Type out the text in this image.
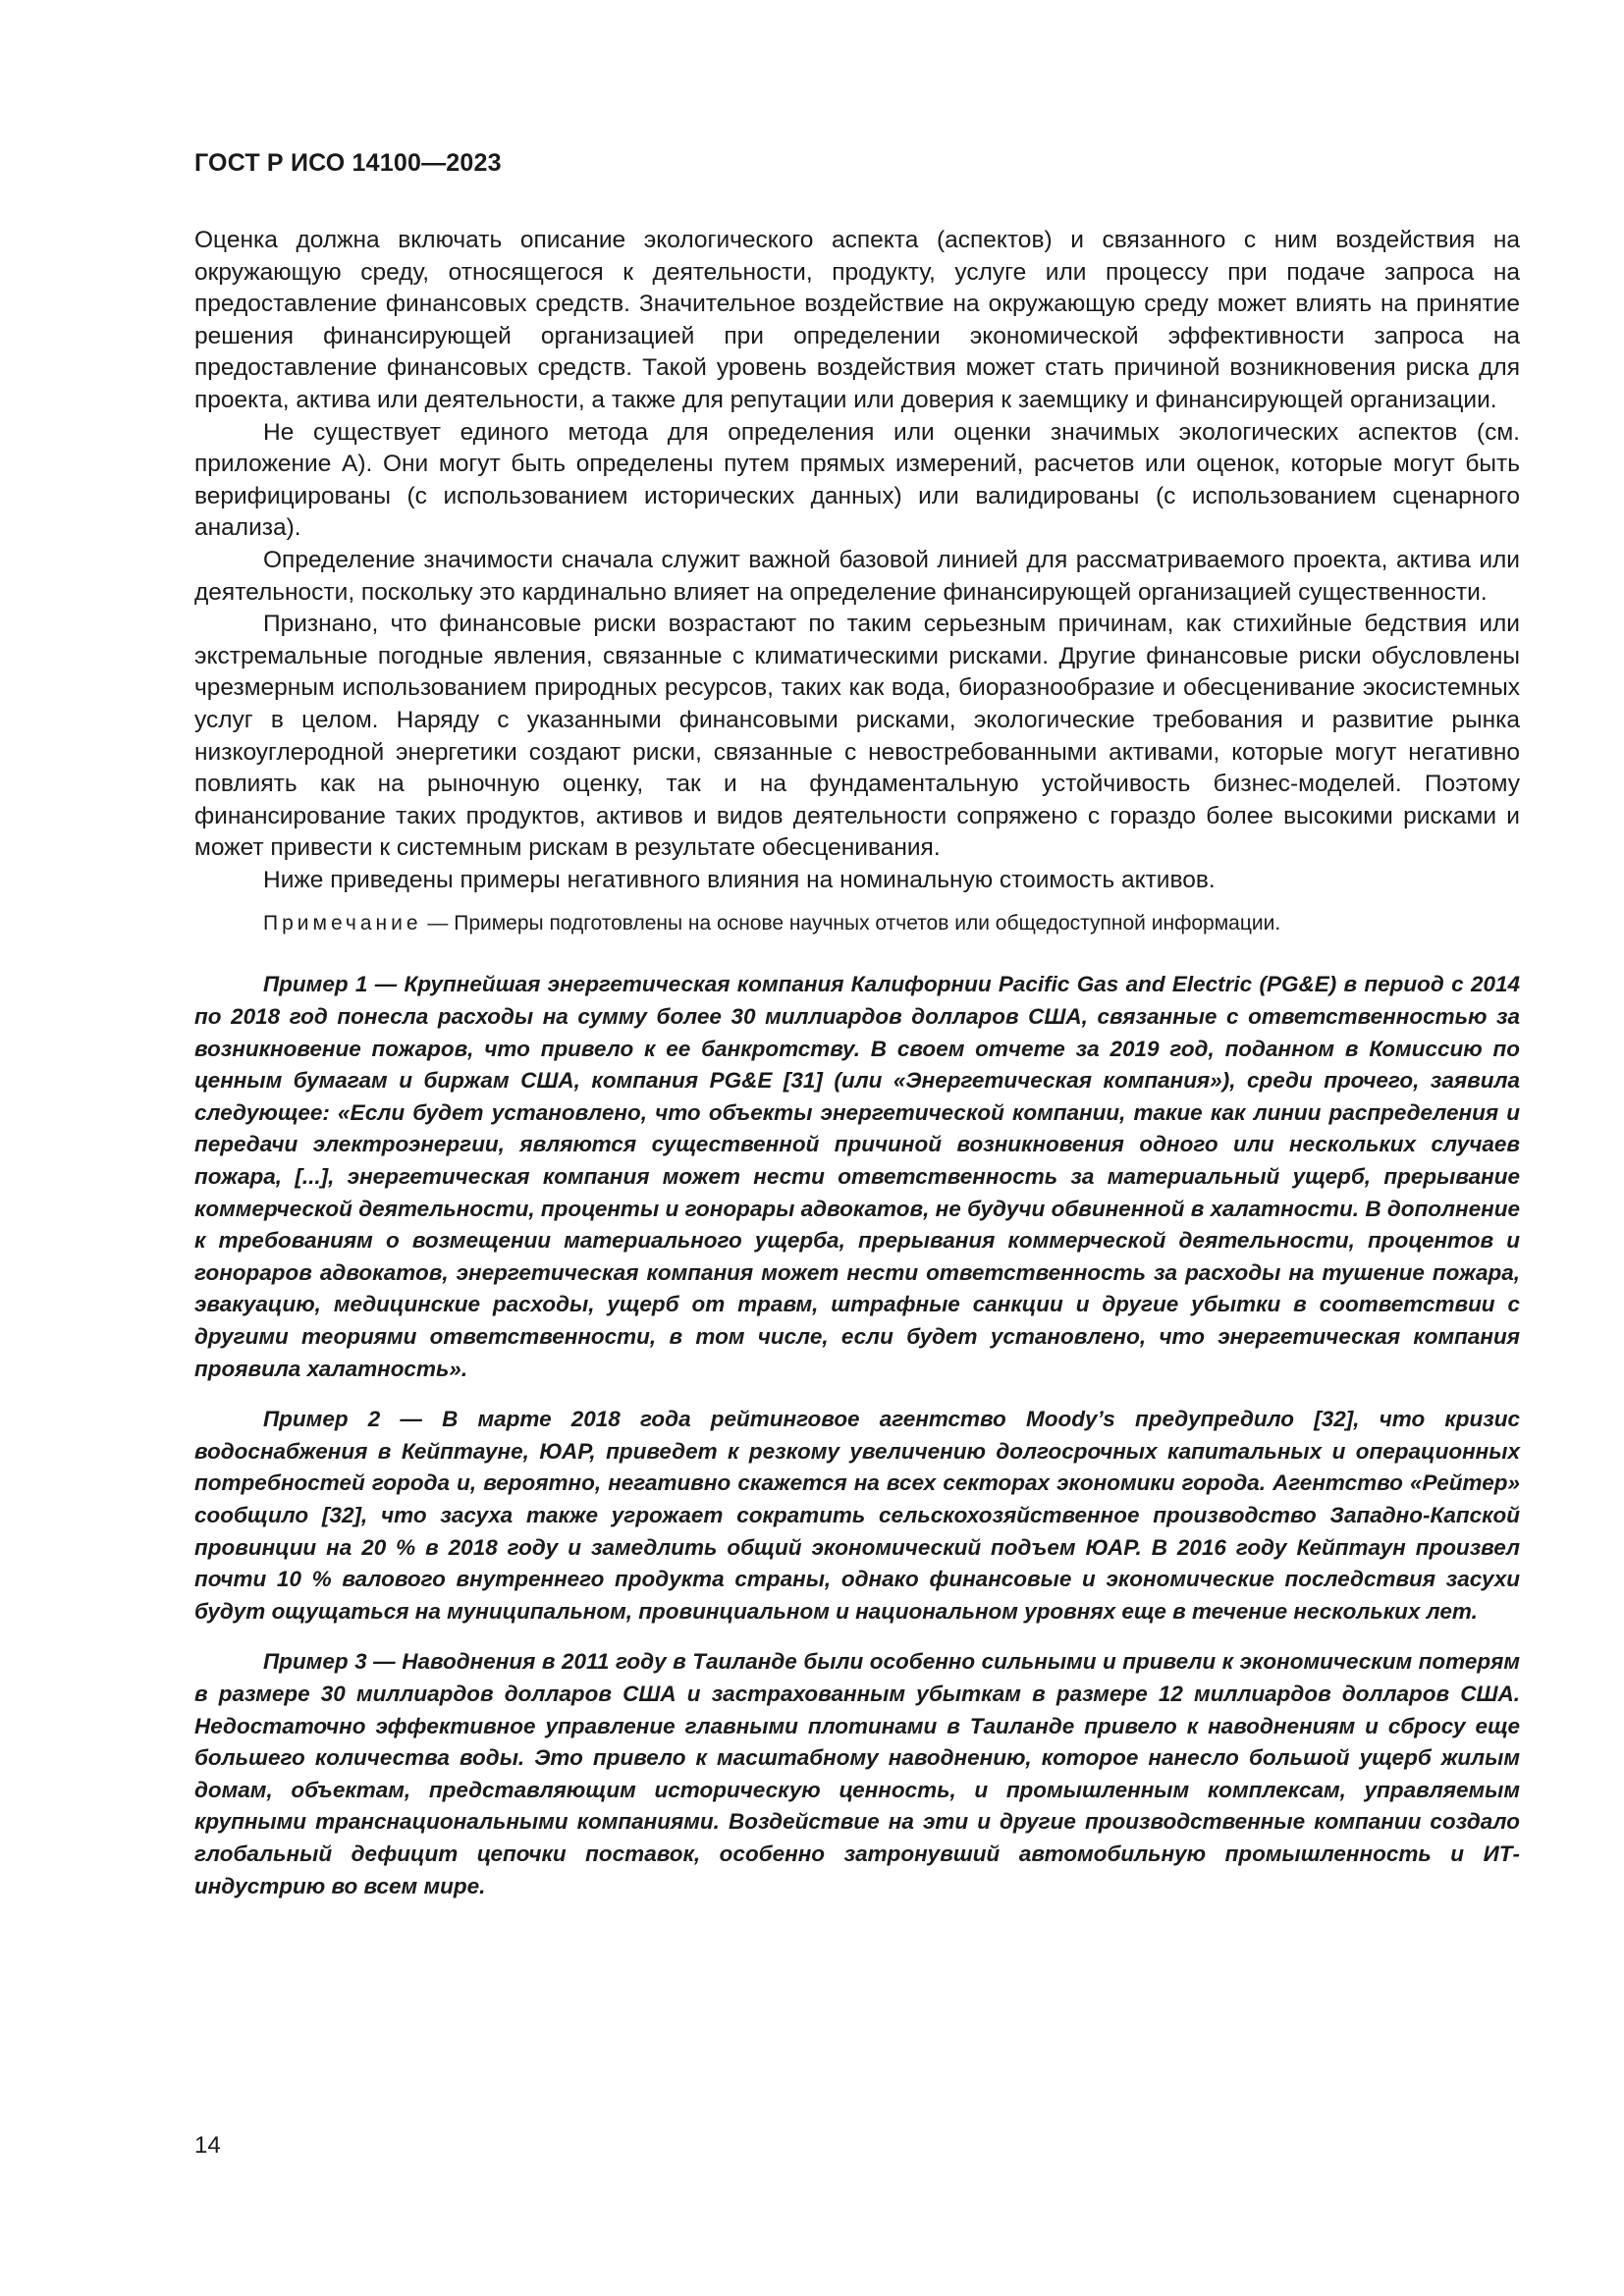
ГОСТ Р ИСО 14100—2023

Оценка должна включать описание экологического аспекта (аспектов) и связанного с ним воздействия на окружающую среду, относящегося к деятельности, продукту, услуге или процессу при подаче запроса на предоставление финансовых средств. Значительное воздействие на окружающую среду может влиять на принятие решения финансирующей организацией при определении экономической эффективности запроса на предоставление финансовых средств. Такой уровень воздействия может стать причиной возникновения риска для проекта, актива или деятельности, а также для репутации или доверия к заемщику и финансирующей организации.

Не существует единого метода для определения или оценки значимых экологических аспектов (см. приложение А). Они могут быть определены путем прямых измерений, расчетов или оценок, которые могут быть верифицированы (с использованием исторических данных) или валидированы (с использованием сценарного анализа).

Определение значимости сначала служит важной базовой линией для рассматриваемого проекта, актива или деятельности, поскольку это кардинально влияет на определение финансирующей организацией существенности.

Признано, что финансовые риски возрастают по таким серьезным причинам, как стихийные бедствия или экстремальные погодные явления, связанные с климатическими рисками. Другие финансовые риски обусловлены чрезмерным использованием природных ресурсов, таких как вода, биоразнообразие и обесценивание экосистемных услуг в целом. Наряду с указанными финансовыми рисками, экологические требования и развитие рынка низкоуглеродной энергетики создают риски, связанные с невостребованными активами, которые могут негативно повлиять как на рыночную оценку, так и на фундаментальную устойчивость бизнес-моделей. Поэтому финансирование таких продуктов, активов и видов деятельности сопряжено с гораздо более высокими рисками и может привести к системным рискам в результате обесценивания.

Ниже приведены примеры негативного влияния на номинальную стоимость активов.

Примечание — Примеры подготовлены на основе научных отчетов или общедоступной информации.

Пример 1 — Крупнейшая энергетическая компания Калифорнии Pacific Gas and Electric (PG&E) в период с 2014 по 2018 год понесла расходы на сумму более 30 миллиардов долларов США, связанные с ответственностью за возникновение пожаров, что привело к ее банкротству. В своем отчете за 2019 год, поданном в Комиссию по ценным бумагам и биржам США, компания PG&E [31] (или «Энергетическая компания»), среди прочего, заявила следующее: «Если будет установлено, что объекты энергетической компании, такие как линии распределения и передачи электроэнергии, являются существенной причиной возникновения одного или нескольких случаев пожара, [...], энергетическая компания может нести ответственность за материальный ущерб, прерывание коммерческой деятельности, проценты и гонорары адвокатов, не будучи обвиненной в халатности. В дополнение к требованиям о возмещении материального ущерба, прерывания коммерческой деятельности, процентов и гонораров адвокатов, энергетическая компания может нести ответственность за расходы на тушение пожара, эвакуацию, медицинские расходы, ущерб от травм, штрафные санкции и другие убытки в соответствии с другими теориями ответственности, в том числе, если будет установлено, что энергетическая компания проявила халатность».

Пример 2 — В марте 2018 года рейтинговое агентство Moody’s предупредило [32], что кризис водоснабжения в Кейптауне, ЮАР, приведет к резкому увеличению долгосрочных капитальных и операционных потребностей города и, вероятно, негативно скажется на всех секторах экономики города. Агентство «Рейтер» сообщило [32], что засуха также угрожает сократить сельскохозяйственное производство Западно-Капской провинции на 20 % в 2018 году и замедлить общий экономический подъем ЮАР. В 2016 году Кейптаун произвел почти 10 % валового внутреннего продукта страны, однако финансовые и экономические последствия засухи будут ощущаться на муниципальном, провинциальном и национальном уровнях еще в течение нескольких лет.

Пример 3 — Наводнения в 2011 году в Таиланде были особенно сильными и привели к экономическим потерям в размере 30 миллиардов долларов США и застрахованным убыткам в размере 12 миллиардов долларов США. Недостаточно эффективное управление главными плотинами в Таиланде привело к наводнениям и сбросу еще большего количества воды. Это привело к масштабному наводнению, которое нанесло большой ущерб жилым домам, объектам, представляющим историческую ценность, и промышленным комплексам, управляемым крупными транснациональными компаниями. Воздействие на эти и другие производственные компании создало глобальный дефицит цепочки поставок, особенно затронувший автомобильную промышленность и ИТ-индустрию во всем мире.

14
